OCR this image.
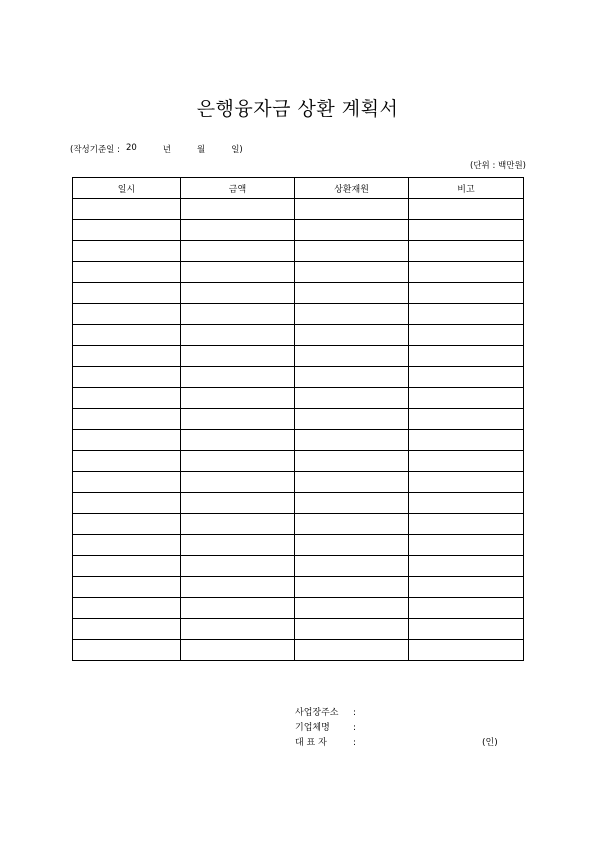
은행융자금 상환 계획서
(작성기준일 : 20	년	월	일)
(단위 : 백만원)
일시	금액	상환재원	비고

사업장주소	:
기업체명	:
대 표 자	:	(인)
